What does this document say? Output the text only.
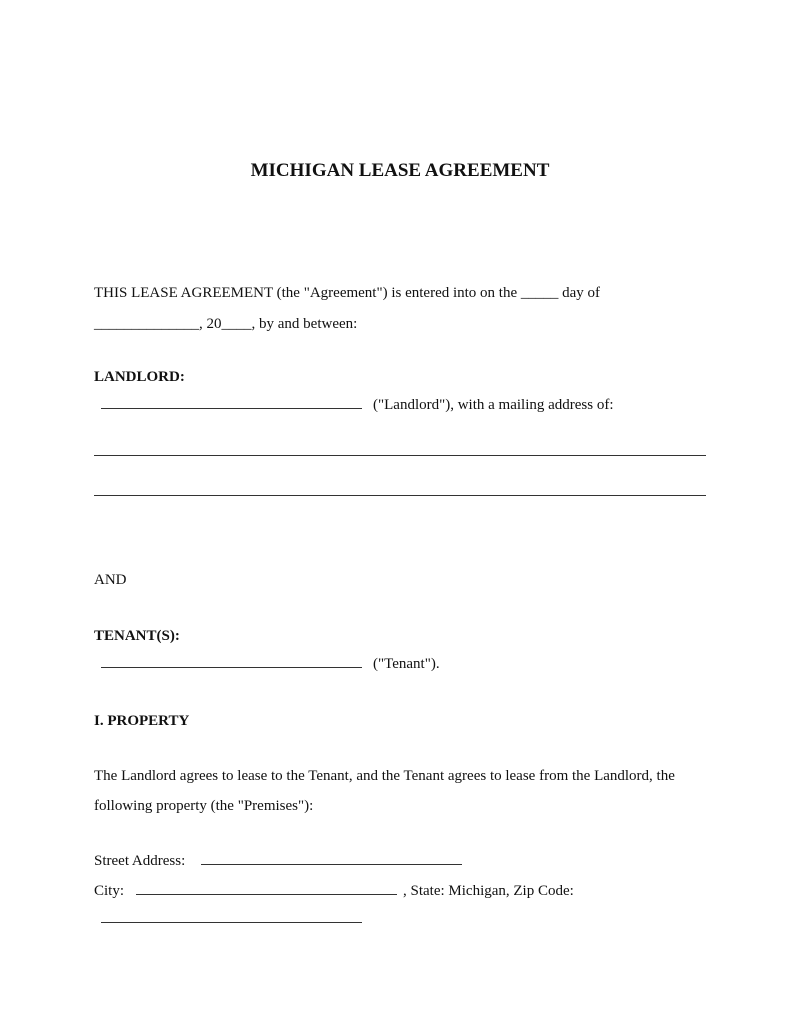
MICHIGAN LEASE AGREEMENT
THIS LEASE AGREEMENT (the "Agreement") is entered into on the _____ day of
______________, 20____, by and between:
LANDLORD:
("Landlord"), with a mailing address of:
AND
TENANT(S):
("Tenant").
I. PROPERTY
The Landlord agrees to lease to the Tenant, and the Tenant agrees to lease from the Landlord, the
following property (the "Premises"):
Street Address:
City:	, State: Michigan, Zip Code:
